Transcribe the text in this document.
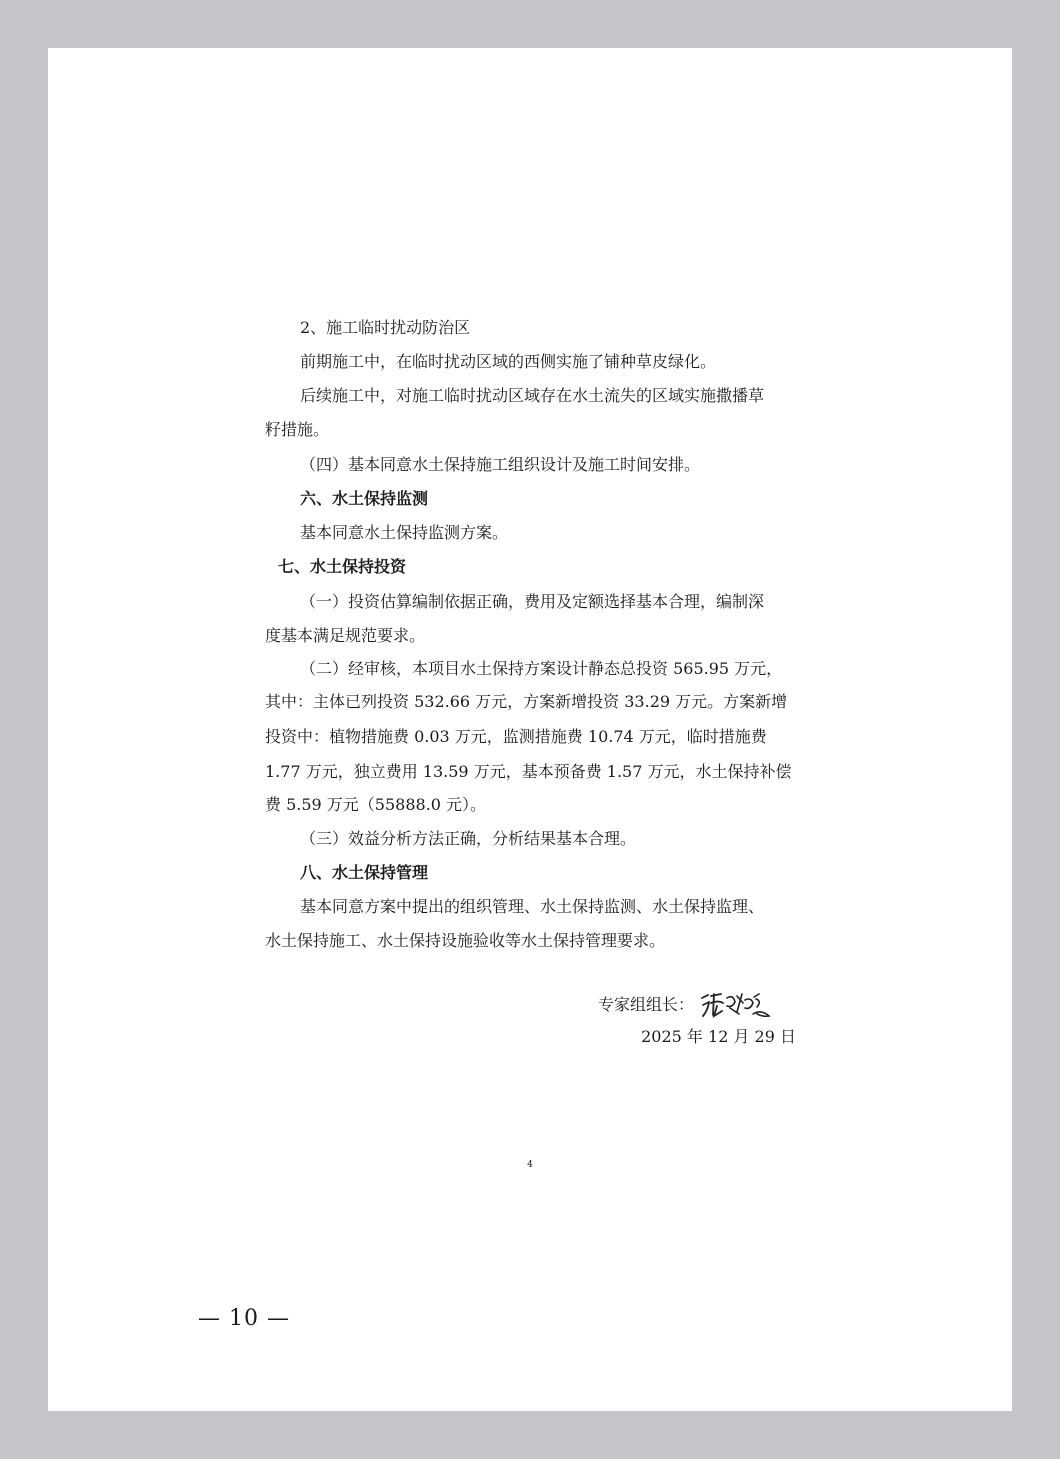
2、施工临时扰动防治区

前期施工中，在临时扰动区域的西侧实施了铺种草皮绿化。

后续施工中，对施工临时扰动区域存在水土流失的区域实施撒播草

籽措施。

（四）基本同意水土保持施工组织设计及施工时间安排。

六、水土保持监测

基本同意水土保持监测方案。

七、水土保持投资

（一）投资估算编制依据正确，费用及定额选择基本合理，编制深

度基本满足规范要求。

（二）经审核，本项目水土保持方案设计静态总投资 565.95 万元，

其中：主体已列投资 532.66 万元，方案新增投资 33.29 万元。方案新增

投资中：植物措施费 0.03 万元，监测措施费 10.74 万元，临时措施费

1.77 万元，独立费用 13.59 万元，基本预备费 1.57 万元，水土保持补偿

费 5.59 万元（55888.0 元）。

（三）效益分析方法正确，分析结果基本合理。

八、水土保持管理

基本同意方案中提出的组织管理、水土保持监测、水土保持监理、

水土保持施工、水土保持设施验收等水土保持管理要求。

专家组组长：
2025 年 12 月 29 日
4
— 10 —
